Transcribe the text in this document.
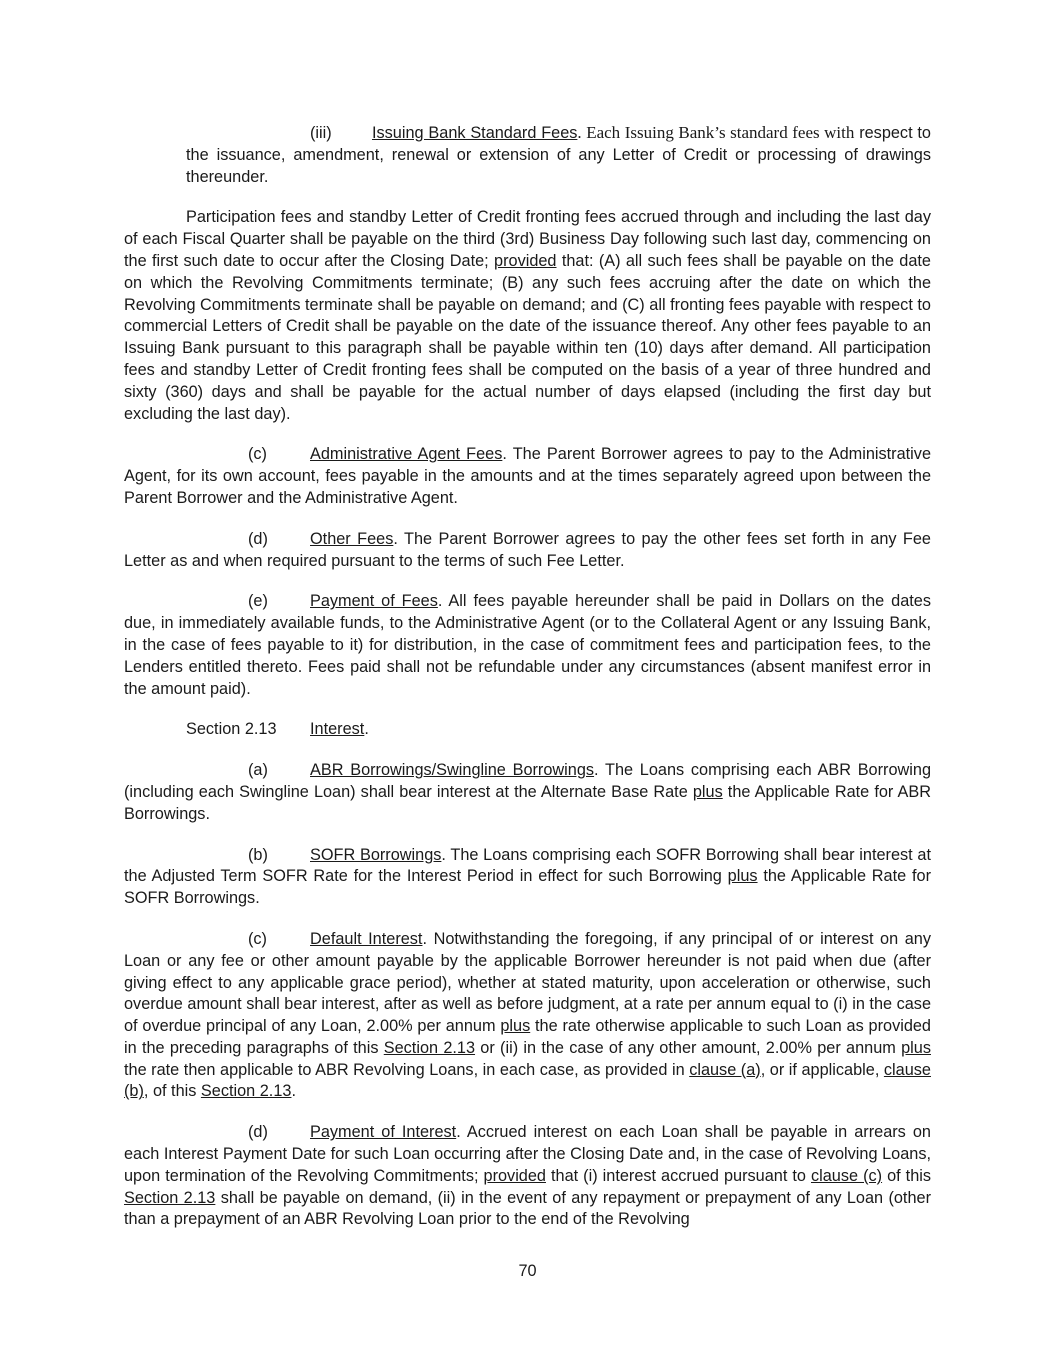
(iii) Issuing Bank Standard Fees. Each Issuing Bank’s standard fees with respect to the issuance, amendment, renewal or extension of any Letter of Credit or processing of drawings thereunder.

Participation fees and standby Letter of Credit fronting fees accrued through and including the last day of each Fiscal Quarter shall be payable on the third (3rd) Business Day following such last day, commencing on the first such date to occur after the Closing Date; provided that: (A) all such fees shall be payable on the date on which the Revolving Commitments terminate; (B) any such fees accruing after the date on which the Revolving Commitments terminate shall be payable on demand; and (C) all fronting fees payable with respect to commercial Letters of Credit shall be payable on the date of the issuance thereof. Any other fees payable to an Issuing Bank pursuant to this paragraph shall be payable within ten (10) days after demand. All participation fees and standby Letter of Credit fronting fees shall be computed on the basis of a year of three hundred and sixty (360) days and shall be payable for the actual number of days elapsed (including the first day but excluding the last day).

(c)	Administrative Agent Fees. The Parent Borrower agrees to pay to the Administrative Agent, for its own account, fees payable in the amounts and at the times separately agreed upon between the Parent Borrower and the Administrative Agent.

(d)	Other Fees. The Parent Borrower agrees to pay the other fees set forth in any Fee Letter as and when required pursuant to the terms of such Fee Letter.

(e)	Payment of Fees. All fees payable hereunder shall be paid in Dollars on the dates due, in immediately available funds, to the Administrative Agent (or to the Collateral Agent or any Issuing Bank, in the case of fees payable to it) for distribution, in the case of commitment fees and participation fees, to the Lenders entitled thereto. Fees paid shall not be refundable under any circumstances (absent manifest error in the amount paid).

Section 2.13 Interest.

(a)	ABR Borrowings/Swingline Borrowings. The Loans comprising each ABR Borrowing (including each Swingline Loan) shall bear interest at the Alternate Base Rate plus the Applicable Rate for ABR Borrowings.

(b)	SOFR Borrowings. The Loans comprising each SOFR Borrowing shall bear interest at the Adjusted Term SOFR Rate for the Interest Period in effect for such Borrowing plus the Applicable Rate for SOFR Borrowings.

(c)	Default Interest. Notwithstanding the foregoing, if any principal of or interest on any Loan or any fee or other amount payable by the applicable Borrower hereunder is not paid when due (after giving effect to any applicable grace period), whether at stated maturity, upon acceleration or otherwise, such overdue amount shall bear interest, after as well as before judgment, at a rate per annum equal to (i) in the case of overdue principal of any Loan, 2.00% per annum plus the rate otherwise applicable to such Loan as provided in the preceding paragraphs of this Section 2.13 or (ii) in the case of any other amount, 2.00% per annum plus the rate then applicable to ABR Revolving Loans, in each case, as provided in clause (a), or if applicable, clause (b), of this Section 2.13.

(d)	Payment of Interest. Accrued interest on each Loan shall be payable in arrears on each Interest Payment Date for such Loan occurring after the Closing Date and, in the case of Revolving Loans, upon termination of the Revolving Commitments; provided that (i) interest accrued pursuant to clause (c) of this Section 2.13 shall be payable on demand, (ii) in the event of any repayment or prepayment of any Loan (other than a prepayment of an ABR Revolving Loan prior to the end of the Revolving

70
